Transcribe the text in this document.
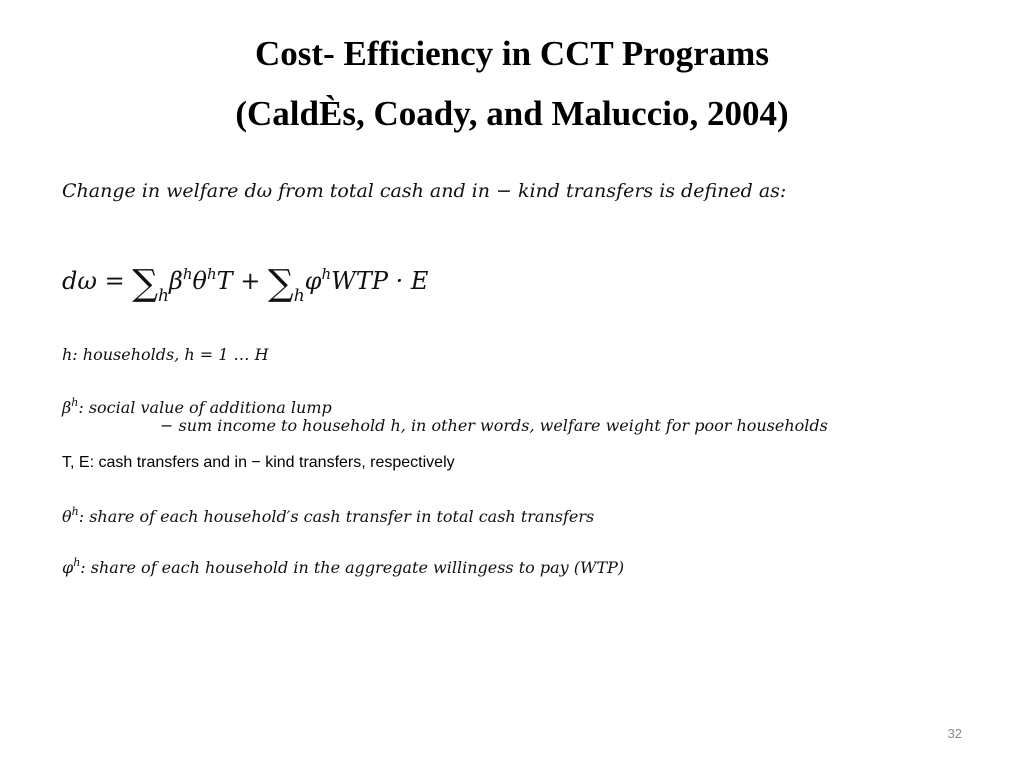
Cost- Efficiency in CCT Programs
(CaldÈs, Coady, and Maluccio, 2004)
Change in welfare dω from total cash and in − kind transfers is defined as:
$d\omega = \sum_h\beta^h\theta^hT + \sum_h\varphi^hWTP \cdot E$
h: households, h = 1 … H
$\beta^h$: social value of additiona lump
− sum income to household h, in other words, welfare weight for poor households
T, E: cash transfers and in − kind transfers, respectively
$\theta^h$: share of each household′s cash transfer in total cash transfers
$\varphi^h$: share of each household in the aggregate willingess to pay (WTP)
32
